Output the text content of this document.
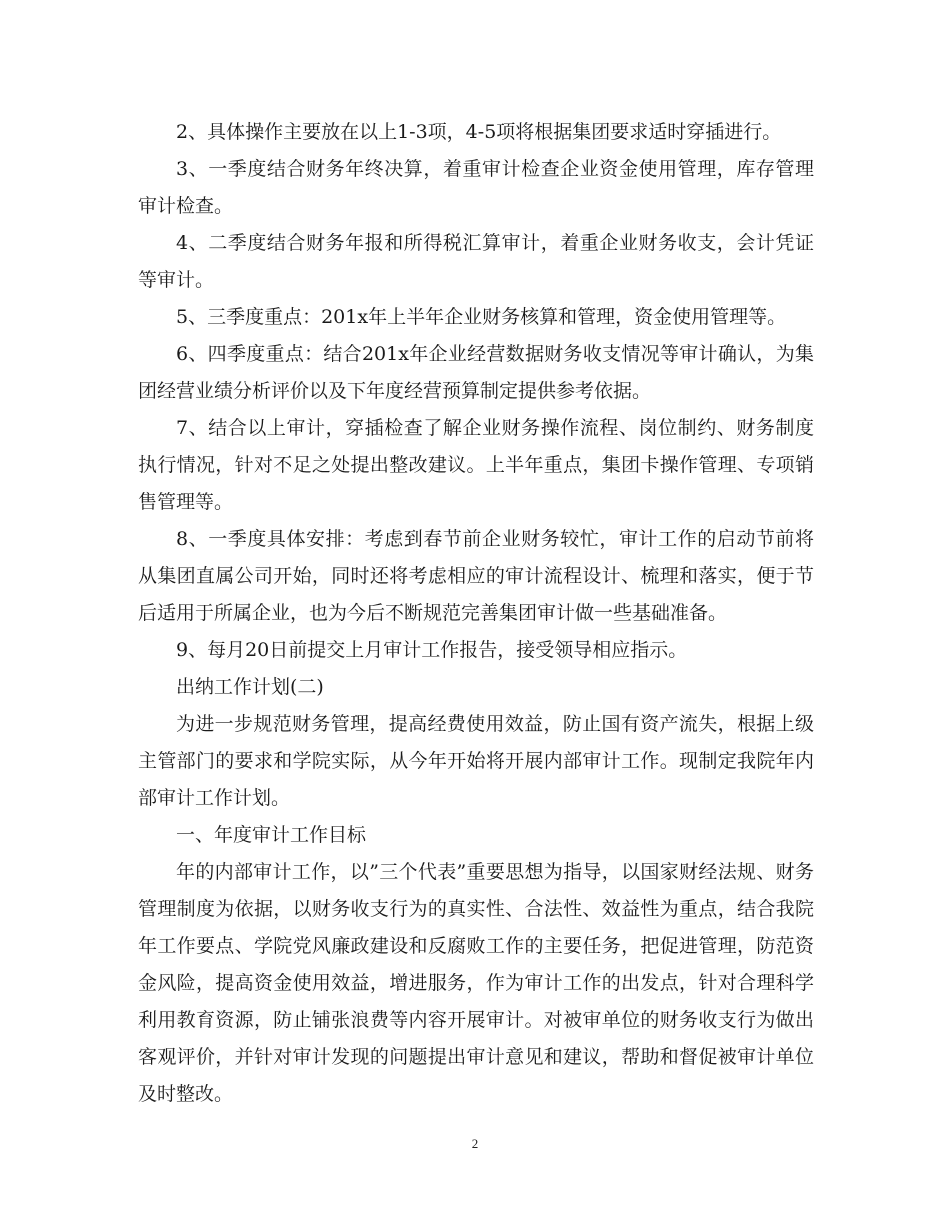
2、具体操作主要放在以上1-3项，4-5项将根据集团要求适时穿插进行。

3、一季度结合财务年终决算，着重审计检查企业资金使用管理，库存管理审计检查。

4、二季度结合财务年报和所得税汇算审计，着重企业财务收支，会计凭证等审计。

5、三季度重点：201x年上半年企业财务核算和管理，资金使用管理等。

6、四季度重点：结合201x年企业经营数据财务收支情况等审计确认，为集团经营业绩分析评价以及下年度经营预算制定提供参考依据。

7、结合以上审计，穿插检查了解企业财务操作流程、岗位制约、财务制度执行情况，针对不足之处提出整改建议。上半年重点，集团卡操作管理、专项销售管理等。

8、一季度具体安排：考虑到春节前企业财务较忙，审计工作的启动节前将从集团直属公司开始，同时还将考虑相应的审计流程设计、梳理和落实，便于节后适用于所属企业，也为今后不断规范完善集团审计做一些基础准备。

9、每月20日前提交上月审计工作报告，接受领导相应指示。

出纳工作计划(二)

为进一步规范财务管理，提高经费使用效益，防止国有资产流失，根据上级主管部门的要求和学院实际，从今年开始将开展内部审计工作。现制定我院年内部审计工作计划。

一、年度审计工作目标

年的内部审计工作，以”三个代表”重要思想为指导，以国家财经法规、财务管理制度为依据，以财务收支行为的真实性、合法性、效益性为重点，结合我院年工作要点、学院党风廉政建设和反腐败工作的主要任务，把促进管理，防范资金风险，提高资金使用效益，增进服务，作为审计工作的出发点，针对合理科学利用教育资源，防止铺张浪费等内容开展审计。对被审单位的财务收支行为做出客观评价，并针对审计发现的问题提出审计意见和建议，帮助和督促被审计单位及时整改。

2
